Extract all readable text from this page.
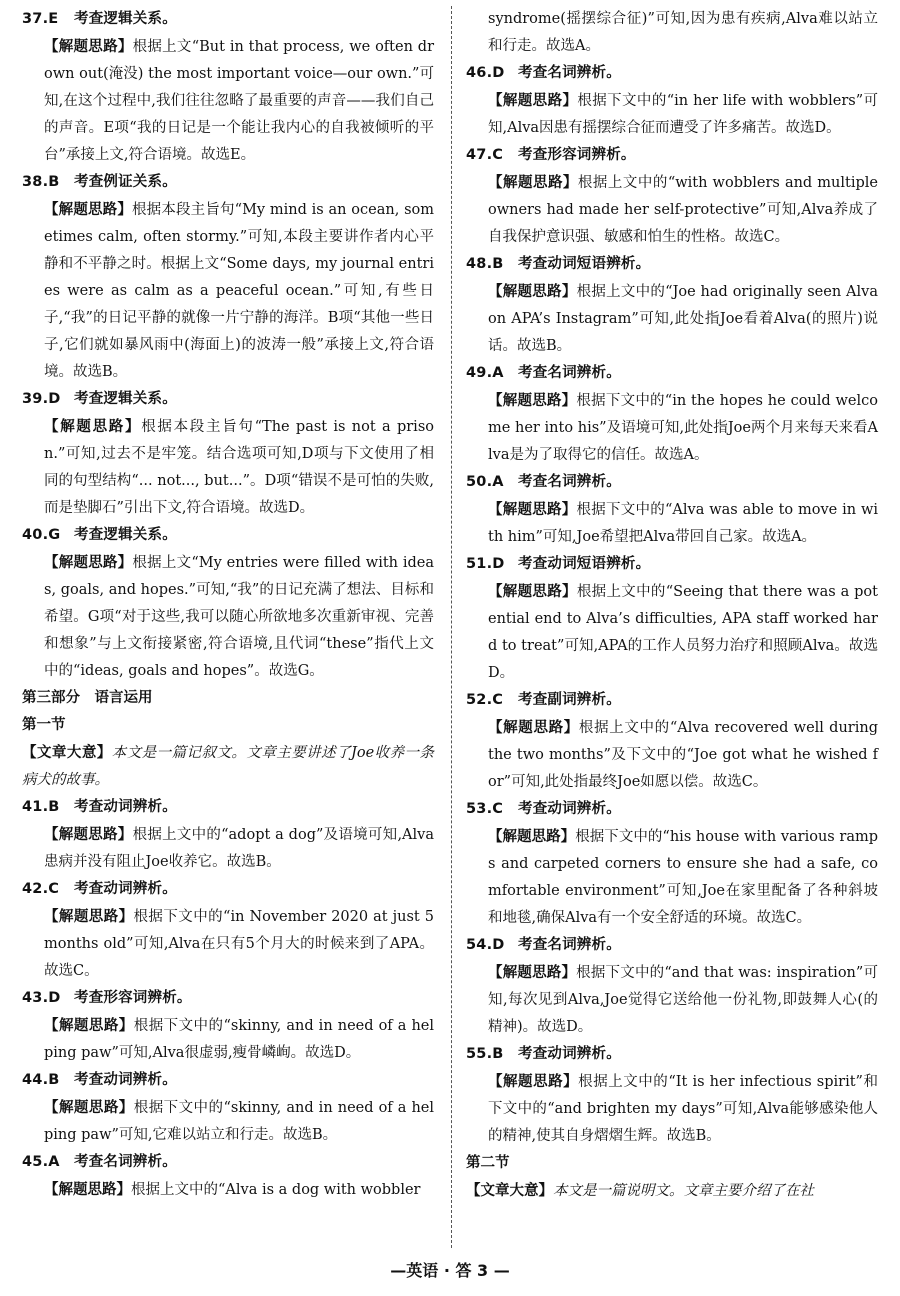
37.E 考查逻辑关系。
【解题思路】根据上文“But in that process, we often drown out(淹没) the most important voice—our own.”可知,在这个过程中,我们往往忽略了最重要的声音——我们自己的声音。E项“我的日记是一个能让我内心的自我被倾听的平台”承接上文,符合语境。故选E。
38.B 考查例证关系。
【解题思路】根据本段主旨句“My mind is an ocean, sometimes calm, often stormy.”可知,本段主要讲作者内心平静和不平静之时。根据上文“Some days, my journal entries were as calm as a peaceful ocean.”可知,有些日子,“我”的日记平静的就像一片宁静的海洋。B项“其他一些日子,它们就如暴风雨中(海面上)的波涛一般”承接上文,符合语境。故选B。
39.D 考查逻辑关系。
【解题思路】根据本段主旨句“The past is not a prison.”可知,过去不是牢笼。结合选项可知,D项与下文使用了相同的句型结构“... not..., but...”。D项“错误不是可怕的失败,而是垫脚石”引出下文,符合语境。故选D。
40.G 考查逻辑关系。
【解题思路】根据上文“My entries were filled with ideas, goals, and hopes.”可知,“我”的日记充满了想法、目标和希望。G项“对于这些,我可以随心所欲地多次重新审视、完善和想象”与上文衔接紧密,符合语境,且代词“these”指代上文中的“ideas, goals and hopes”。故选G。
第三部分　语言运用
第一节
【文章大意】本文是一篇记叙文。文章主要讲述了Joe收养一条病犬的故事。
41.B 考查动词辨析。
【解题思路】根据上文中的“adopt a dog”及语境可知,Alva患病并没有阻止Joe收养它。故选B。
42.C 考查动词辨析。
【解题思路】根据下文中的“in November 2020 at just 5 months old”可知,Alva在只有5个月大的时候来到了APA。故选C。
43.D 考查形容词辨析。
【解题思路】根据下文中的“skinny, and in need of a helping paw”可知,Alva很虚弱,瘦骨嶙峋。故选D。
44.B 考查动词辨析。
【解题思路】根据下文中的“skinny, and in need of a helping paw”可知,它难以站立和行走。故选B。
45.A 考查名词辨析。
【解题思路】根据上文中的“Alva is a dog with wobbler
syndrome(摇摆综合征)”可知,因为患有疾病,Alva难以站立和行走。故选A。
46.D 考查名词辨析。
【解题思路】根据下文中的“in her life with wobblers”可知,Alva因患有摇摆综合征而遭受了许多痛苦。故选D。
47.C 考查形容词辨析。
【解题思路】根据上文中的“with wobblers and multiple owners had made her self-protective”可知,Alva养成了自我保护意识强、敏感和怕生的性格。故选C。
48.B 考查动词短语辨析。
【解题思路】根据上文中的“Joe had originally seen Alva on APA’s Instagram”可知,此处指Joe看着Alva(的照片)说话。故选B。
49.A 考查名词辨析。
【解题思路】根据下文中的“in the hopes he could welcome her into his”及语境可知,此处指Joe两个月来每天来看Alva是为了取得它的信任。故选A。
50.A 考查名词辨析。
【解题思路】根据下文中的“Alva was able to move in with him”可知,Joe希望把Alva带回自己家。故选A。
51.D 考查动词短语辨析。
【解题思路】根据上文中的“Seeing that there was a potential end to Alva’s difficulties, APA staff worked hard to treat”可知,APA的工作人员努力治疗和照顾Alva。故选D。
52.C 考查副词辨析。
【解题思路】根据上文中的“Alva recovered well during the two months”及下文中的“Joe got what he wished for”可知,此处指最终Joe如愿以偿。故选C。
53.C 考查动词辨析。
【解题思路】根据下文中的“his house with various ramps and carpeted corners to ensure she had a safe, comfortable environment”可知,Joe在家里配备了各种斜坡和地毯,确保Alva有一个安全舒适的环境。故选C。
54.D 考查名词辨析。
【解题思路】根据下文中的“and that was: inspiration”可知,每次见到Alva,Joe觉得它送给他一份礼物,即鼓舞人心(的精神)。故选D。
55.B 考查动词辨析。
【解题思路】根据上文中的“It is her infectious spirit”和下文中的“and brighten my days”可知,Alva能够感染他人的精神,使其自身熠熠生辉。故选B。
第二节
【文章大意】本文是一篇说明文。文章主要介绍了在社
—英语 · 答 3 —
